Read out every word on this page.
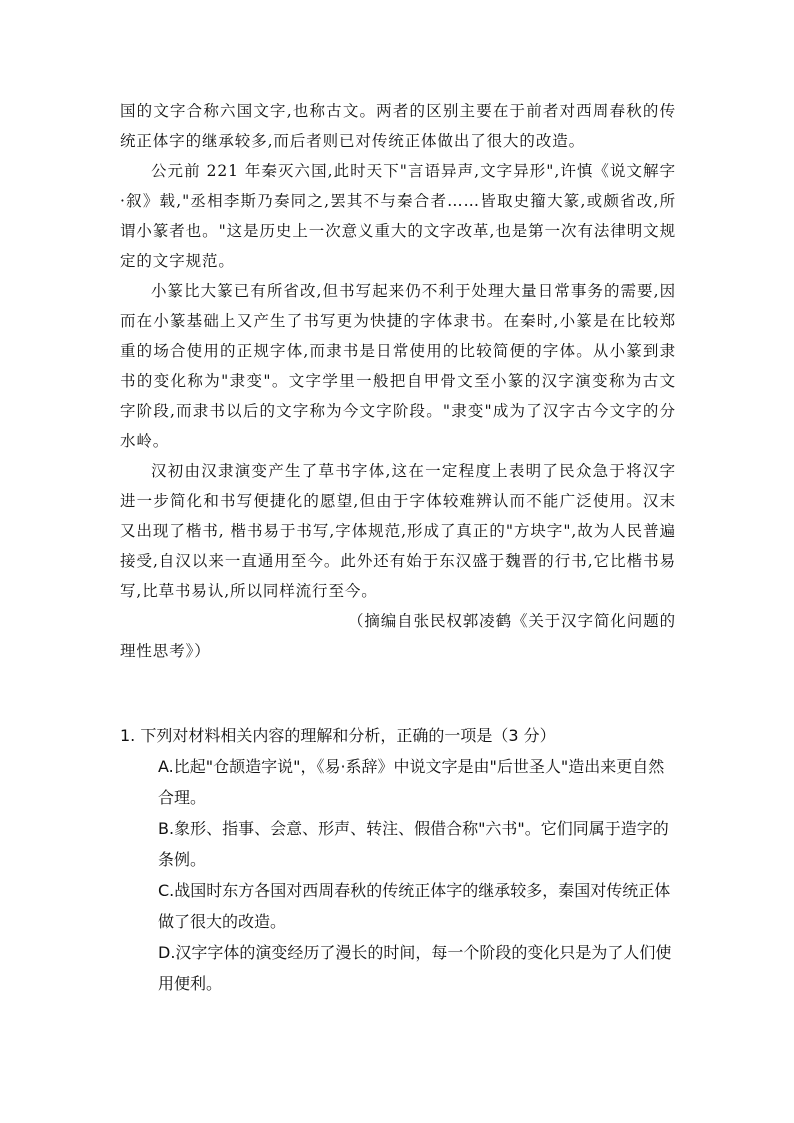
国的文字合称六国文字,也称古文。两者的区别主要在于前者对西周春秋的传统正体字的继承较多,而后者则已对传统正体做出了很大的改造。

公元前 221 年秦灭六国,此时天下"言语异声,文字异形",许慎《说文解字·叙》载,"丞相李斯乃奏同之,罢其不与秦合者……皆取史籀大篆,或颇省改,所谓小篆者也。"这是历史上一次意义重大的文字改革,也是第一次有法律明文规定的文字规范。

小篆比大篆已有所省改,但书写起来仍不利于处理大量日常事务的需要,因而在小篆基础上又产生了书写更为快捷的字体隶书。在秦时,小篆是在比较郑重的场合使用的正规字体,而隶书是日常使用的比较简便的字体。从小篆到隶书的变化称为"隶变"。文字学里一般把自甲骨文至小篆的汉字演变称为古文字阶段,而隶书以后的文字称为今文字阶段。"隶变"成为了汉字古今文字的分水岭。

汉初由汉隶演变产生了草书字体,这在一定程度上表明了民众急于将汉字进一步简化和书写便捷化的愿望,但由于字体较难辨认而不能广泛使用。汉末又出现了楷书, 楷书易于书写,字体规范,形成了真正的"方块字",故为人民普遍接受,自汉以来一直通用至今。此外还有始于东汉盛于魏晋的行书,它比楷书易写,比草书易认,所以同样流行至今。

（摘编自张民权郭凌鹤《关于汉字简化问题的

理性思考》）

1. 下列对材料相关内容的理解和分析，正确的一项是（3 分）

A.比起"仓颉造字说"，《易·系辞》中说文字是由"后世圣人"造出来更自然合理。

B.象形、指事、会意、形声、转注、假借合称"六书"。它们同属于造字的条例。

C.战国时东方各国对西周春秋的传统正体字的继承较多，秦国对传统正体做了很大的改造。

D.汉字字体的演变经历了漫长的时间，每一个阶段的变化只是为了人们使用便利。
